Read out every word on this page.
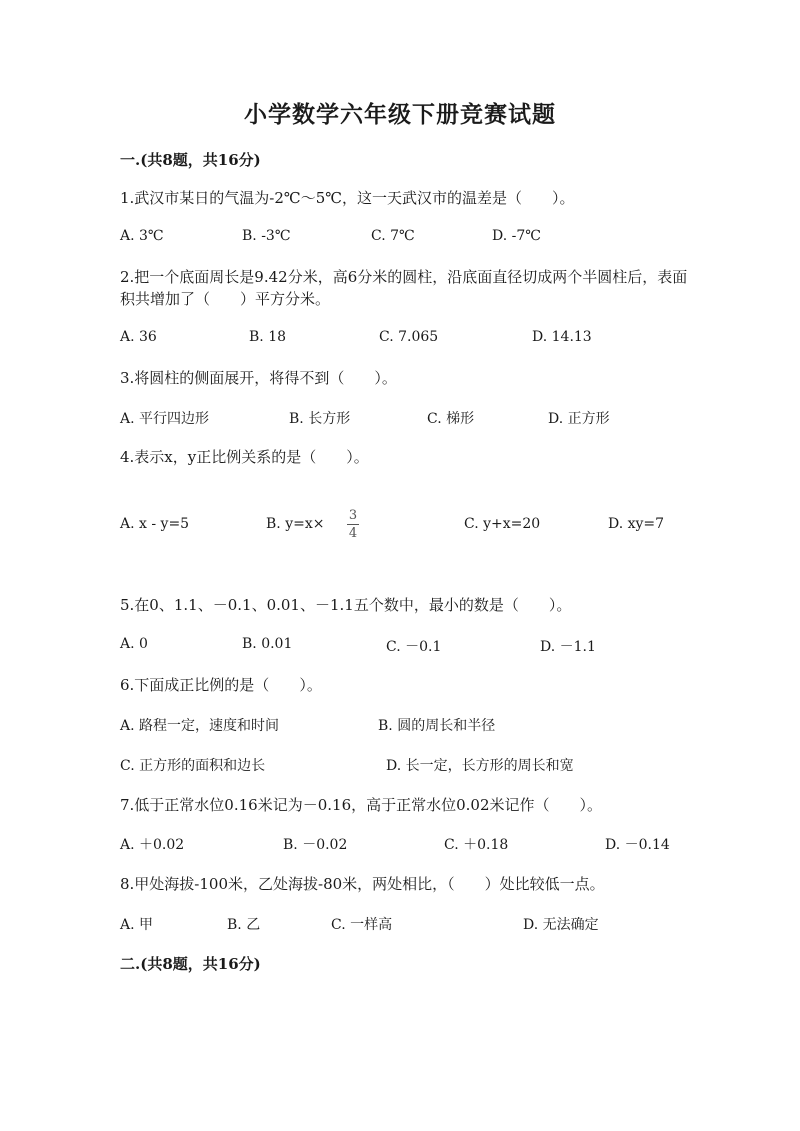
小学数学六年级下册竞赛试题
一.(共8题，共16分)
1.武汉市某日的气温为-2℃～5℃，这一天武汉市的温差是（　　）。
A. 3℃	B. -3℃	C. 7℃	D. -7℃
2.把一个底面周长是9.42分米，高6分米的圆柱，沿底面直径切成两个半圆柱后，表面积共增加了（　　）平方分米。
A. 36	B. 18	C. 7.065	D. 14.13
3.将圆柱的侧面展开，将得不到（　　）。
A. 平行四边形	B. 长方形	C. 梯形	D. 正方形
4.表示x，y正比例关系的是（　　）。
A. x - y=5	B. y=x×
3
4
C. y+x=20	D. xy=7
5.在0、1.1、－0.1、0.01、－1.1五个数中，最小的数是（　　）。
A. 0	B. 0.01	C. －0.1	D. －1.1
6.下面成正比例的是（　　）。
A. 路程一定，速度和时间	B. 圆的周长和半径
C. 正方形的面积和边长	D. 长一定，长方形的周长和宽
7.低于正常水位0.16米记为－0.16，高于正常水位0.02米记作（　　）。
A. ＋0.02	B. －0.02	C. ＋0.18	D. －0.14
8.甲处海拔-100米，乙处海拔-80米，两处相比，（　　）处比较低一点。
A. 甲	B. 乙	C. 一样高	D. 无法确定
二.(共8题，共16分)
